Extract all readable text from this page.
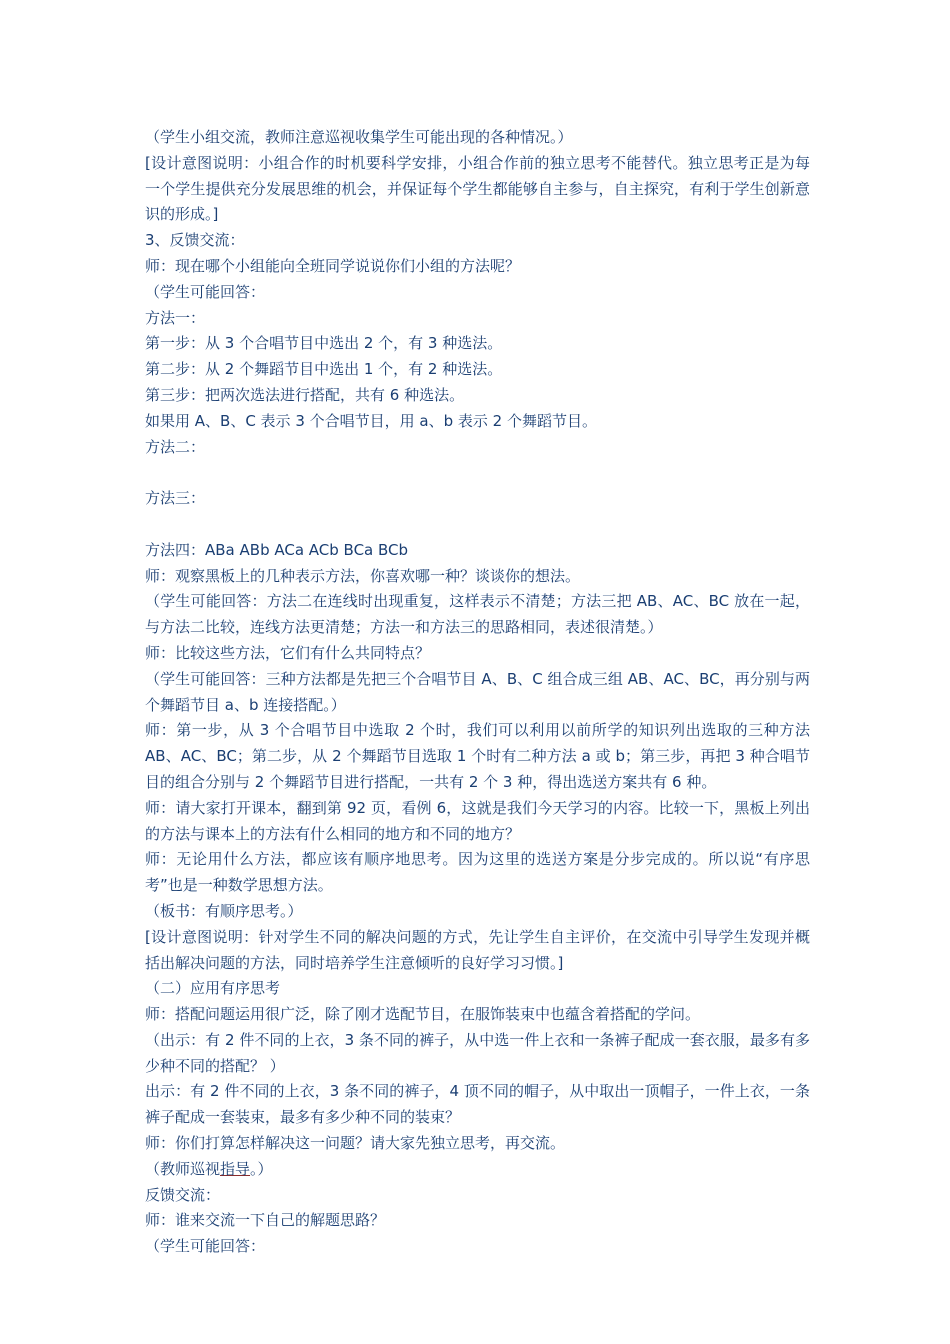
（学生小组交流，教师注意巡视收集学生可能出现的各种情况。）
[设计意图说明：小组合作的时机要科学安排，小组合作前的独立思考不能替代。独立思考正是为每一个学生提供充分发展思维的机会，并保证每个学生都能够自主参与，自主探究，有利于学生创新意识的形成。]
3、反馈交流：
师：现在哪个小组能向全班同学说说你们小组的方法呢？
（学生可能回答：
方法一：
第一步：从 3 个合唱节目中选出 2 个，有 3 种选法。
第二步：从 2 个舞蹈节目中选出 1 个，有 2 种选法。
第三步：把两次选法进行搭配，共有 6 种选法。
如果用 A、B、C 表示 3 个合唱节目，用 a、b 表示 2 个舞蹈节目。
方法二：
方法三：
方法四：ABa ABb ACa ACb BCa BCb
师：观察黑板上的几种表示方法，你喜欢哪一种？谈谈你的想法。
（学生可能回答：方法二在连线时出现重复，这样表示不清楚；方法三把 AB、AC、BC 放在一起，与方法二比较，连线方法更清楚；方法一和方法三的思路相同，表述很清楚。）
师：比较这些方法，它们有什么共同特点？
（学生可能回答：三种方法都是先把三个合唱节目 A、B、C 组合成三组 AB、AC、BC，再分别与两个舞蹈节目 a、b 连接搭配。）
师：第一步，从 3 个合唱节目中选取 2 个时，我们可以利用以前所学的知识列出选取的三种方法 AB、AC、BC；第二步，从 2 个舞蹈节目选取 1 个时有二种方法 a 或 b；第三步，再把 3 种合唱节目的组合分别与 2 个舞蹈节目进行搭配，一共有 2 个 3 种，得出选送方案共有 6 种。
师：请大家打开课本，翻到第 92 页，看例 6，这就是我们今天学习的内容。比较一下，黑板上列出的方法与课本上的方法有什么相同的地方和不同的地方？
师：无论用什么方法，都应该有顺序地思考。因为这里的选送方案是分步完成的。所以说“有序思考”也是一种数学思想方法。
（板书：有顺序思考。）
[设计意图说明：针对学生不同的解决问题的方式，先让学生自主评价，在交流中引导学生发现并概括出解决问题的方法，同时培养学生注意倾听的良好学习习惯。]
（二）应用有序思考
师：搭配问题运用很广泛，除了刚才选配节目，在服饰装束中也蕴含着搭配的学问。
（出示：有 2 件不同的上衣，3 条不同的裤子，从中选一件上衣和一条裤子配成一套衣服，最多有多少种不同的搭配？ ）
出示：有 2 件不同的上衣，3 条不同的裤子，4 顶不同的帽子，从中取出一顶帽子，一件上衣，一条裤子配成一套装束，最多有多少种不同的装束？
师：你们打算怎样解决这一问题？请大家先独立思考，再交流。
（教师巡视指导。）
反馈交流：
师：谁来交流一下自己的解题思路？
（学生可能回答：
